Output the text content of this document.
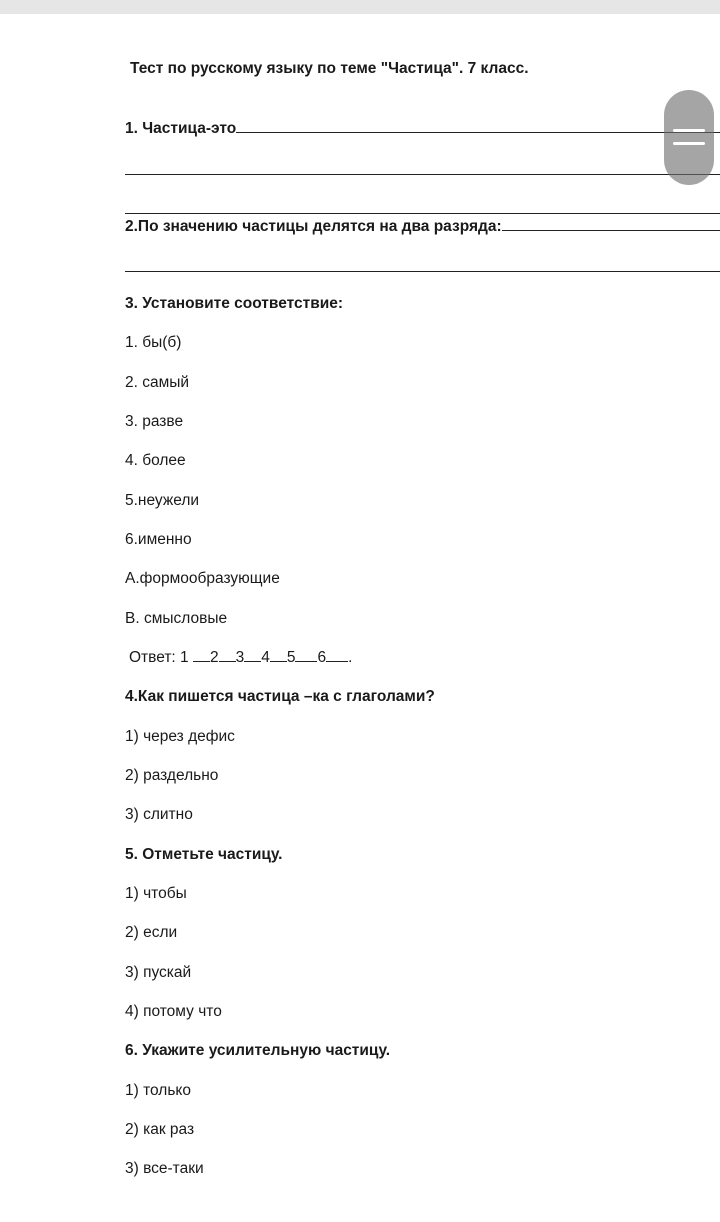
Тест по русскому языку по теме "Частица". 7 класс.
1. Частица-это
2.По значению частицы делятся на два разряда:
3. Установите соответствие:
1. бы(б)
2. самый
3. разве
4. более
5.неужели
6.именно
А.формообразующие
В. смысловые
Ответ: 1 2 3 4 5 6 .
4.Как пишется частица –ка с глаголами?
1) через дефис
2) раздельно
3) слитно
5. Отметьте частицу.
1) чтобы
2) если
3) пускай
4) потому что
6. Укажите усилительную частицу.
1) только
2) как раз
3) все-таки
